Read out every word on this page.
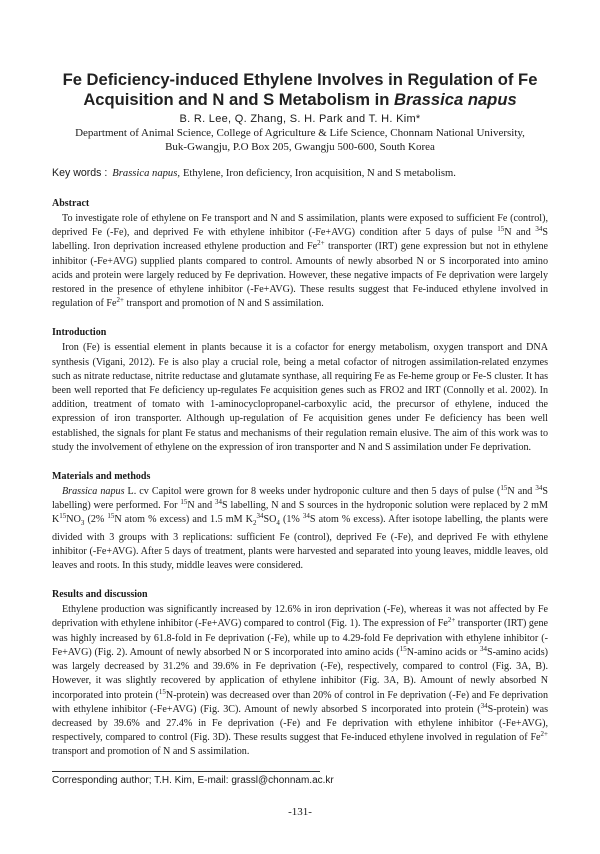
Fe Deficiency-induced Ethylene Involves in Regulation of Fe
Acquisition and N and S Metabolism in Brassica napus
B. R. Lee, Q. Zhang, S. H. Park and T. H. Kim*

Department of Animal Science, College of Agriculture & Life Science, Chonnam National University,
Buk-Gwangju, P.O Box 205, Gwangju 500-600, South Korea

Key words : Brassica napus, Ethylene, Iron deficiency, Iron acquisition, N and S metabolism.

Abstract

To investigate role of ethylene on Fe transport and N and S assimilation, plants were exposed to sufficient Fe (control), deprived Fe (-Fe), and deprived Fe with ethylene inhibitor (-Fe+AVG) condition after 5 days of pulse $^{15}$N and $^{34}$S labelling. Iron deprivation increased ethylene production and $Fe^{2+}$ transporter (IRT) gene expression but not in ethylene inhibitor (-Fe+AVG) supplied plants compared to control. Amounts of newly absorbed N or S incorporated into amino acids and protein were largely reduced by Fe deprivation. However, these negative impacts of Fe deprivation were largely restored in the presence of ethylene inhibitor (-Fe+AVG). These results suggest that Fe-induced ethylene involved in regulation of $Fe^{2+}$ transport and promotion of N and S assimilation.

Introduction

Iron (Fe) is essential element in plants because it is a cofactor for energy metabolism, oxygen transport and DNA synthesis (Vigani, 2012). Fe is also play a crucial role, being a metal cofactor of nitrogen assimilation-related enzymes such as nitrate reductase, nitrite reductase and glutamate synthase, all requiring Fe as Fe-heme group or Fe-S cluster. It has been well reported that Fe deficiency up-regulates Fe acquisition genes such as FRO2 and IRT (Connolly et al. 2002). In addition, treatment of tomato with 1-aminocyclopropanel-carboxylic acid, the precursor of ethylene, induced the expression of iron transporter. Although up-regulation of Fe acquisition genes under Fe deficiency has been well established, the signals for plant Fe status and mechanisms of their regulation remain elusive. The aim of this work was to study the involvement of ethylene on the expression of iron transporter and N and S assimilation under Fe deprivation.

Materials and methods

Brassica napus L. cv Capitol were grown for 8 weeks under hydroponic culture and then 5 days of pulse ($^{15}$N and $^{34}$S labelling) were performed. For $^{15}$N and $^{34}$S labelling, N and S sources in the hydroponic solution were replaced by 2 mM $K^{15}NO_3$ (2% $^{15}$N atom % excess) and 1.5 mM $K_2^{34}SO_4$ (1% $^{34}$S atom % excess). After isotope labelling, the plants were divided with 3 groups with 3 replications: sufficient Fe (control), deprived Fe (-Fe), and deprived Fe with ethylene inhibitor (-Fe+AVG). After 5 days of treatment, plants were harvested and separated into young leaves, middle leaves, old leaves and roots. In this study, middle leaves were considered.

Results and discussion

Ethylene production was significantly increased by 12.6% in iron deprivation (-Fe), whereas it was not affected by Fe deprivation with ethylene inhibitor (-Fe+AVG) compared to control (Fig. 1). The expression of $Fe^{2+}$ transporter (IRT) gene was highly increased by 61.8-fold in Fe deprivation (-Fe), while up to 4.29-fold Fe deprivation with ethylene inhibitor (-Fe+AVG) (Fig. 2). Amount of newly absorbed N or S incorporated into amino acids ($^{15}$N-amino acids or $^{34}$S-amino acids) was largely decreased by 31.2% and 39.6% in Fe deprivation (-Fe), respectively, compared to control (Fig. 3A, B). However, it was slightly recovered by application of ethylene inhibitor (Fig. 3A, B). Amount of newly absorbed N incorporated into protein ($^{15}$N-protein) was decreased over than 20% of control in Fe deprivation (-Fe) and Fe deprivation with ethylene inhibitor (-Fe+AVG) (Fig. 3C). Amount of newly absorbed S incorporated into protein ($^{34}$S-protein) was decreased by 39.6% and 27.4% in Fe deprivation (-Fe) and Fe deprivation with ethylene inhibitor (-Fe+AVG), respectively, compared to control (Fig. 3D). These results suggest that Fe-induced ethylene involved in regulation of $Fe^{2+}$ transport and promotion of N and S assimilation.

Corresponding author; T.H. Kim, E-mail: grassl@chonnam.ac.kr
-131-
